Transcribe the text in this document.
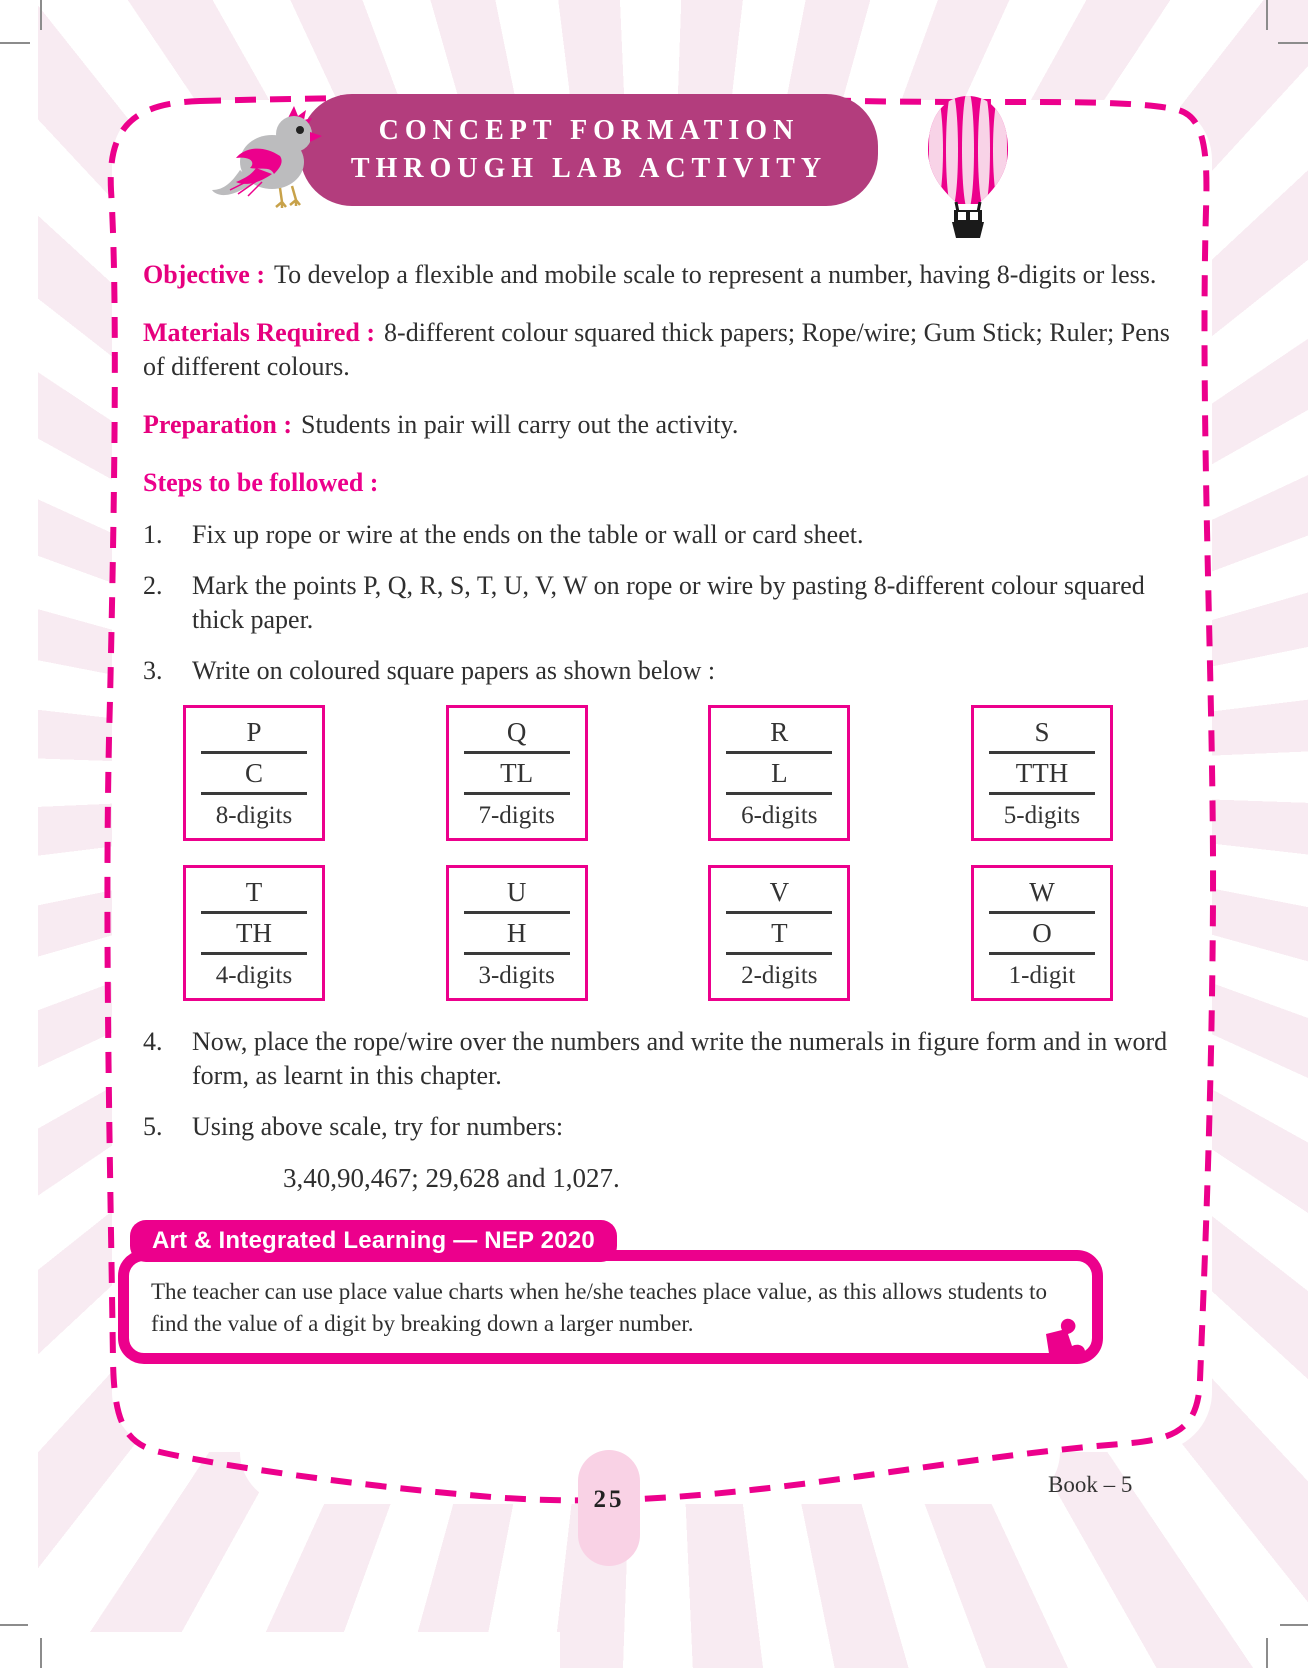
CONCEPT FORMATION
THROUGH LAB ACTIVITY

Objective : To develop a flexible and mobile scale to represent a number, having 8-digits or less.

Materials Required : 8-different colour squared thick papers; Rope/wire; Gum Stick; Ruler; Pens of different colours.

Preparation : Students in pair will carry out the activity.

Steps to be followed :
1.	Fix up rope or wire at the ends on the table or wall or card sheet.
2.	Mark the points P, Q, R, S, T, U, V, W on rope or wire by pasting 8-different colour squared thick paper.
3.	Write on coloured square papers as shown below :
P
C
8-digits
Q
TL
7-digits
R
L
6-digits
S
TTH
5-digits
T
TH
4-digits
U
H
3-digits
V
T
2-digits
W
O
1-digit
4.	Now, place the rope/wire over the numbers and write the numerals in figure form and in word form, as learnt in this chapter.
5.	Using above scale, try for numbers:
3,40,90,467; 29,628 and 1,027.
The teacher can use place value charts when he/she teaches place value, as this allows students to find the value of a digit by breaking down a larger number.
Art & Integrated Learning — NEP 2020
25
Book – 5
